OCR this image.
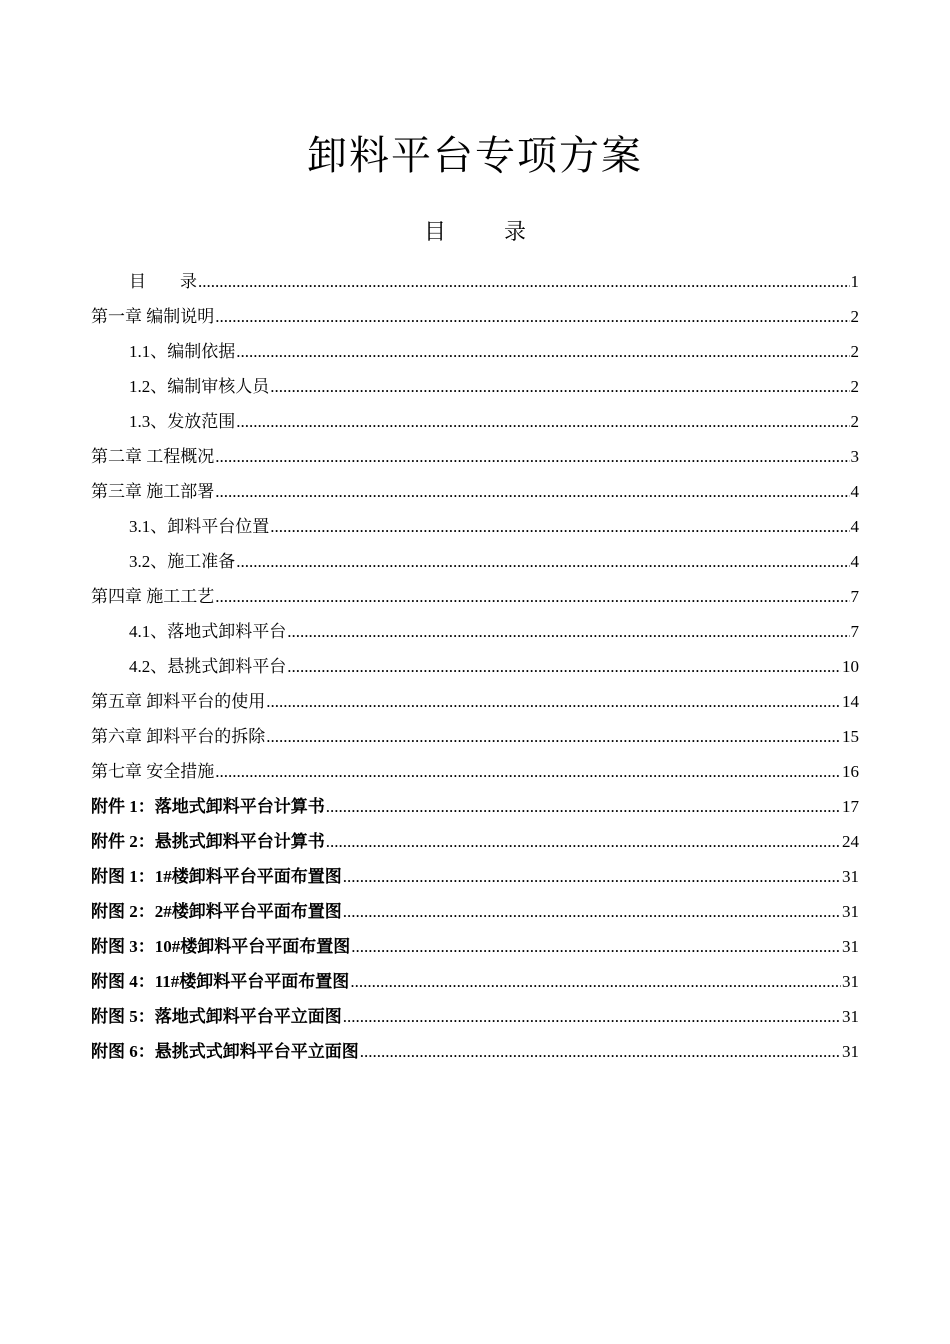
卸料平台专项方案
目	录
目　　录 .....	1
第一章 编制说明 .....	2
1.1、编制依据 .....	2
1.2、编制审核人员 .....	2
1.3、发放范围 .....	2
第二章 工程概况 .....	3
第三章 施工部署 .....	4
3.1、卸料平台位置 .....	4
3.2、施工准备 .....	4
第四章 施工工艺 .....	7
4.1、落地式卸料平台 .....	7
4.2、悬挑式卸料平台 .....	10
第五章 卸料平台的使用 .....	14
第六章 卸料平台的拆除 .....	15
第七章 安全措施 .....	16
附件 1：落地式卸料平台计算书 .....	17
附件 2：悬挑式卸料平台计算书 .....	24
附图 1：1#楼卸料平台平面布置图 .....	31
附图 2：2#楼卸料平台平面布置图 .....	31
附图 3：10#楼卸料平台平面布置图 .....	31
附图 4：11#楼卸料平台平面布置图 .....	31
附图 5：落地式卸料平台平立面图 .....	31
附图 6：悬挑式式卸料平台平立面图 .....	31
